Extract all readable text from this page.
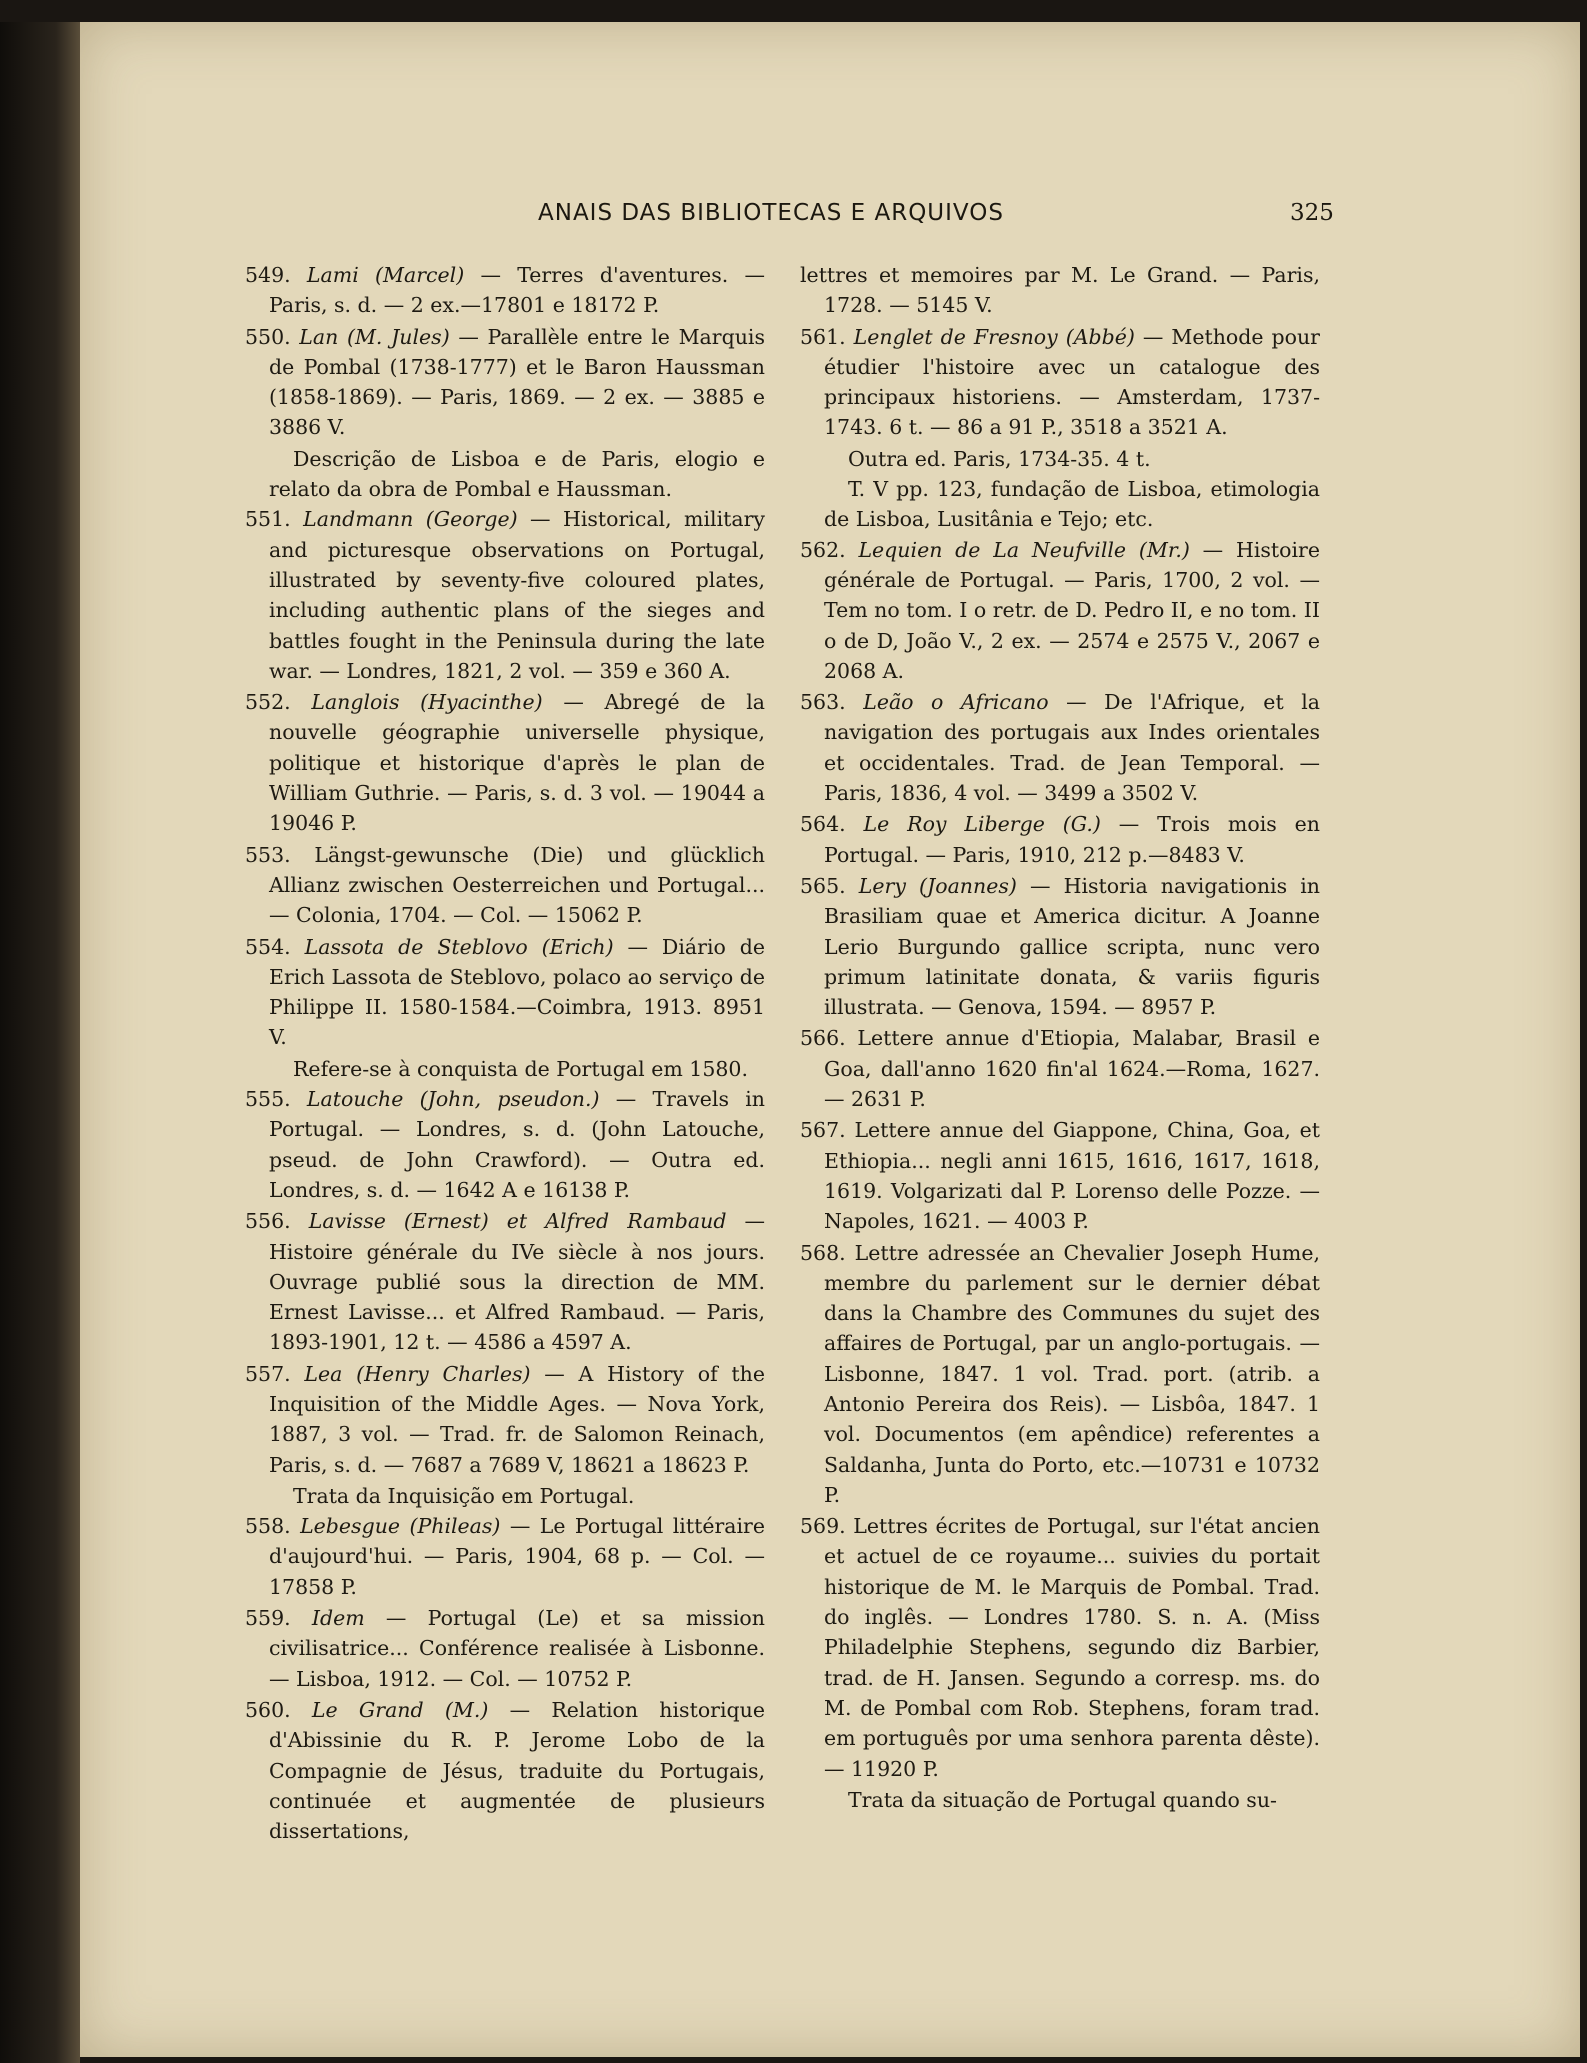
ANAIS DAS BIBLIOTECAS E ARQUIVOS	325

549. Lami (Marcel) — Terres d'aventures. — Paris, s. d. — 2 ex.—17801 e 18172 P.

550. Lan (M. Jules) — Parallèle entre le Marquis de Pombal (1738-1777) et le Baron Haussman (1858-1869). — Paris, 1869. — 2 ex. — 3885 e 3886 V.

Descrição de Lisboa e de Paris, elogio e relato da obra de Pombal e Haussman.

551. Landmann (George) — Historical, military and picturesque observations on Portugal, illustrated by seventy-five coloured plates, including authentic plans of the sieges and battles fought in the Peninsula during the late war. — Londres, 1821, 2 vol. — 359 e 360 A.

552. Langlois (Hyacinthe) — Abregé de la nouvelle géographie universelle physique, politique et historique d'après le plan de William Guthrie. — Paris, s. d. 3 vol. — 19044 a 19046 P.

553. Längst-gewunsche (Die) und glücklich Allianz zwischen Oesterreichen und Portugal... — Colonia, 1704. — Col. — 15062 P.

554. Lassota de Steblovo (Erich) — Diário de Erich Lassota de Steblovo, polaco ao serviço de Philippe II. 1580-1584.—Coimbra, 1913. 8951 V.

Refere-se à conquista de Portugal em 1580.

555. Latouche (John, pseudon.) — Travels in Portugal. — Londres, s. d. (John Latouche, pseud. de John Crawford). — Outra ed. Londres, s. d. — 1642 A e 16138 P.

556. Lavisse (Ernest) et Alfred Rambaud — Histoire générale du IVe siècle à nos jours. Ouvrage publié sous la direction de MM. Ernest Lavisse... et Alfred Rambaud. — Paris, 1893-1901, 12 t. — 4586 a 4597 A.

557. Lea (Henry Charles) — A History of the Inquisition of the Middle Ages. — Nova York, 1887, 3 vol. — Trad. fr. de Salomon Reinach, Paris, s. d. — 7687 a 7689 V, 18621 a 18623 P.

Trata da Inquisição em Portugal.

558. Lebesgue (Phileas) — Le Portugal littéraire d'aujourd'hui. — Paris, 1904, 68 p. — Col. — 17858 P.

559. Idem — Portugal (Le) et sa mission civilisatrice... Conférence realisée à Lisbonne.— Lisboa, 1912. — Col. — 10752 P.

560. Le Grand (M.) — Relation historique d'Abissinie du R. P. Jerome Lobo de la Compagnie de Jésus, traduite du Portugais, continuée et augmentée de plusieurs dissertations,

lettres et memoires par M. Le Grand. — Paris, 1728. — 5145 V.

561. Lenglet de Fresnoy (Abbé) — Methode pour étudier l'histoire avec un catalogue des principaux historiens. — Amsterdam, 1737-1743. 6 t. — 86 a 91 P., 3518 a 3521 A.

Outra ed. Paris, 1734-35. 4 t.

T. V pp. 123, fundação de Lisboa, etimologia de Lisboa, Lusitânia e Tejo; etc.

562. Lequien de La Neufville (Mr.) — Histoire générale de Portugal. — Paris, 1700, 2 vol. — Tem no tom. I o retr. de D. Pedro II, e no tom. II o de D, João V., 2 ex. — 2574 e 2575 V., 2067 e 2068 A.

563. Leão o Africano — De l'Afrique, et la navigation des portugais aux Indes orientales et occidentales. Trad. de Jean Temporal. — Paris, 1836, 4 vol. — 3499 a 3502 V.

564. Le Roy Liberge (G.) — Trois mois en Portugal. — Paris, 1910, 212 p.—8483 V.

565. Lery (Joannes) — Historia navigationis in Brasiliam quae et America dicitur. A Joanne Lerio Burgundo gallice scripta, nunc vero primum latinitate donata, & variis figuris illustrata. — Genova, 1594. — 8957 P.

566. Lettere annue d'Etiopia, Malabar, Brasil e Goa, dall'anno 1620 fin'al 1624.—Roma, 1627. — 2631 P.

567. Lettere annue del Giappone, China, Goa, et Ethiopia... negli anni 1615, 1616, 1617, 1618, 1619. Volgarizati dal P. Lorenso delle Pozze. — Napoles, 1621. — 4003 P.

568. Lettre adressée an Chevalier Joseph Hume, membre du parlement sur le dernier débat dans la Chambre des Communes du sujet des affaires de Portugal, par un anglo-portugais. —Lisbonne, 1847. 1 vol. Trad. port. (atrib. a Antonio Pereira dos Reis). — Lisbôa, 1847. 1 vol. Documentos (em apêndice) referentes a Saldanha, Junta do Porto, etc.—10731 e 10732 P.

569. Lettres écrites de Portugal, sur l'état ancien et actuel de ce royaume... suivies du portait historique de M. le Marquis de Pombal. Trad. do inglês. — Londres 1780. S. n. A. (Miss Philadelphie Stephens, segundo diz Barbier, trad. de H. Jansen. Segundo a corresp. ms. do M. de Pombal com Rob. Stephens, foram trad. em português por uma senhora parenta dêste). — 11920 P.

Trata da situação de Portugal quando su-
